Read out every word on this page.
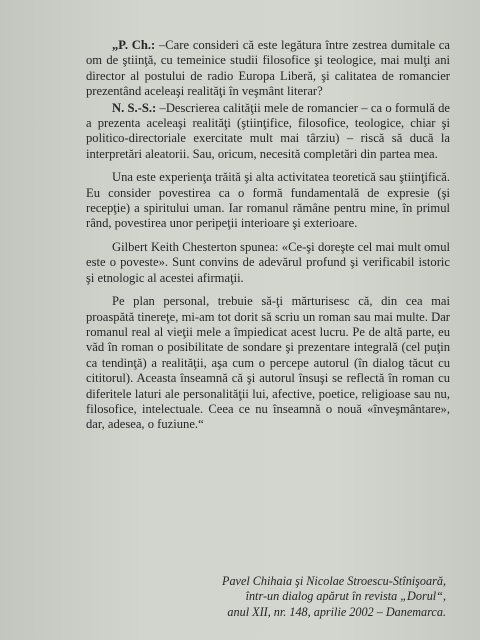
„P. Ch.: –Care consideri că este legătura între zestrea dumitale ca om de ştiinţă, cu temeinice studii filosofice şi teologice, mai mulţi ani director al postului de radio Europa Liberă, şi calitatea de romancier prezentând aceleaşi realităţi în veşmânt literar?

N. S.-S.: –Descrierea calităţii mele de romancier – ca o formulă de a prezenta aceleaşi realităţi (ştiinţifice, filosofice, teologice, chiar şi politico-directoriale exercitate mult mai târziu) – riscă să ducă la interpretări aleatorii. Sau, oricum, necesită completări din partea mea.

Una este experienţa trăită şi alta activitatea teoretică sau ştiinţifică. Eu consider povestirea ca o formă fundamentală de expresie (şi recepţie) a spiritului uman. Iar romanul rămâne pentru mine, în primul rând, povestirea unor peripeţii interioare şi exterioare.

Gilbert Keith Chesterton spunea: «Ce-şi doreşte cel mai mult omul este o poveste». Sunt convins de adevărul profund şi verificabil istoric şi etnologic al acestei afirmaţii.

Pe plan personal, trebuie să-ţi mărturisesc că, din cea mai proaspătă tinereţe, mi-am tot dorit să scriu un roman sau mai multe. Dar romanul real al vieţii mele a împiedicat acest lucru. Pe de altă parte, eu văd în roman o posibilitate de sondare şi prezentare integrală (cel puţin ca tendinţă) a realităţii, aşa cum o percepe autorul (în dialog tăcut cu cititorul). Aceasta înseamnă că şi autorul însuşi se reflectă în roman cu diferitele laturi ale personalităţii lui, afective, poetice, religioase sau nu, filosofice, intelectuale. Ceea ce nu înseamnă o nouă «înveşmântare», dar, adesea, o fuziune.“

Pavel Chihaia şi Nicolae Stroescu-Stînişoară,
într-un dialog apărut în revista „Dorul“,
anul XII, nr. 148, aprilie 2002 – Danemarca.
